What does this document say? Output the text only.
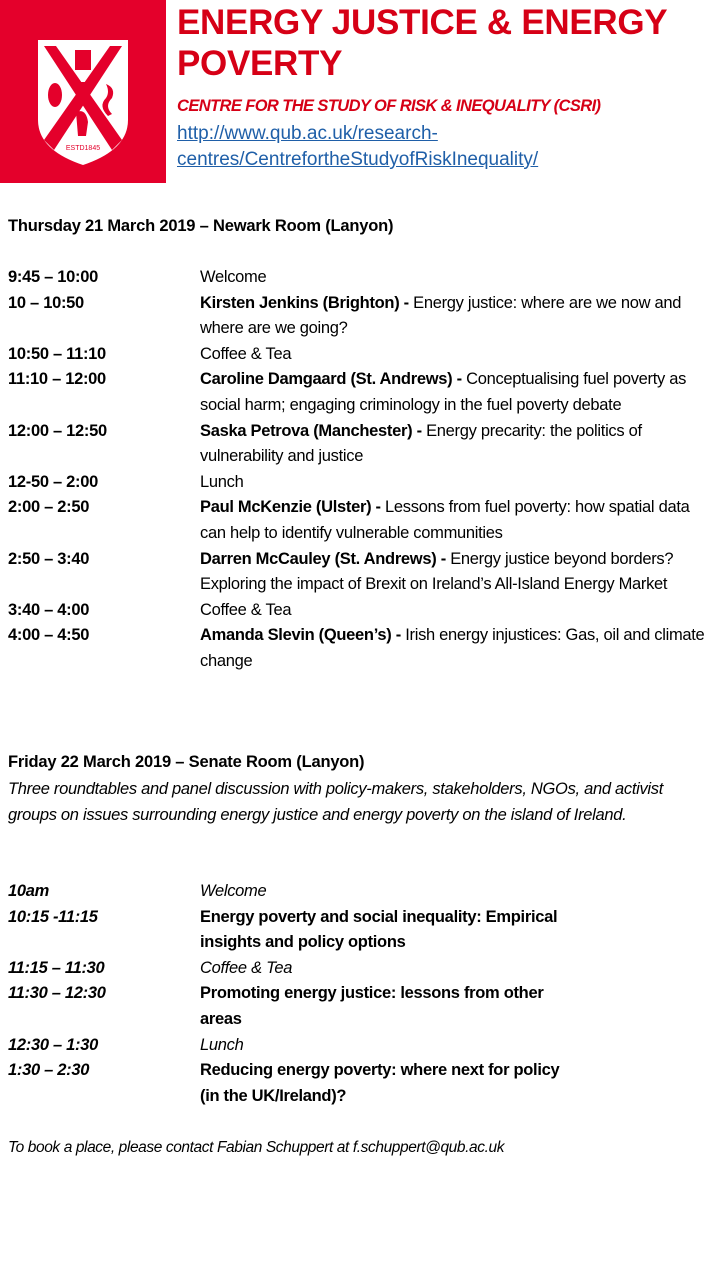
ESTD1845
ENERGY JUSTICE & ENERGY POVERTY
CENTRE FOR THE STUDY OF RISK & INEQUALITY (CSRI)
http://www.qub.ac.uk/research-centres/CentrefortheStudyofRiskInequality/
Thursday 21 March 2019 – Newark Room (Lanyon)
9:45 – 10:00	Welcome
10 – 10:50	Kirsten Jenkins (Brighton) - Energy justice: where are we now and where are we going?
10:50 – 11:10	Coffee & Tea
11:10 – 12:00	Caroline Damgaard (St. Andrews) - Conceptualising fuel poverty as social harm; engaging criminology in the fuel poverty debate
12:00 – 12:50	Saska Petrova (Manchester) - Energy precarity: the politics of vulnerability and justice
12-50 – 2:00	Lunch
2:00 – 2:50	Paul McKenzie (Ulster) - Lessons from fuel poverty: how spatial data can help to identify vulnerable communities
2:50 – 3:40	Darren McCauley (St. Andrews) - Energy justice beyond borders? Exploring the impact of Brexit on Ireland’s All-Island Energy Market
3:40 – 4:00	Coffee & Tea
4:00 – 4:50	Amanda Slevin (Queen’s) - Irish energy injustices: Gas, oil and climate change
Friday 22 March 2019 – Senate Room (Lanyon)
Three roundtables and panel discussion with policy-makers, stakeholders, NGOs, and activist groups on issues surrounding energy justice and energy poverty on the island of Ireland.
10am	Welcome
10:15 -11:15	Energy poverty and social inequality: Empirical insights and policy options
11:15 – 11:30	Coffee & Tea
11:30 – 12:30	Promoting energy justice: lessons from other areas
12:30 – 1:30	Lunch
1:30 – 2:30	Reducing energy poverty: where next for policy (in the UK/Ireland)?
To book a place, please contact Fabian Schuppert at f.schuppert@qub.ac.uk
